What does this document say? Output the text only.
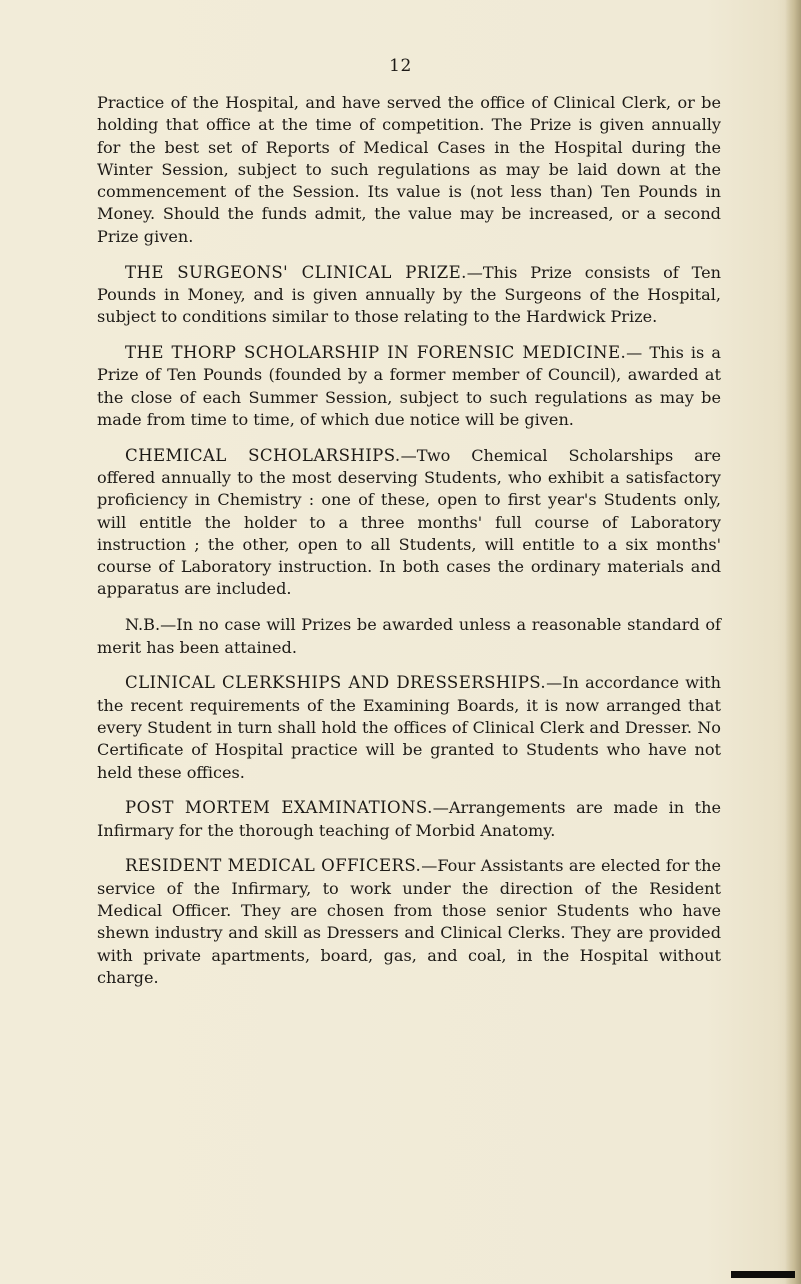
12

Practice of the Hospital, and have served the office of Clinical Clerk, or be holding that office at the time of competition. The Prize is given annually for the best set of Reports of Medical Cases in the Hospital during the Winter Session, subject to such regulations as may be laid down at the commencement of the Session. Its value is (not less than) Ten Pounds in Money. Should the funds admit, the value may be increased, or a second Prize given.

THE SURGEONS' CLINICAL PRIZE.—This Prize consists of Ten Pounds in Money, and is given annually by the Surgeons of the Hospital, subject to conditions similar to those relating to the Hardwick Prize.

THE THORP SCHOLARSHIP IN FORENSIC MEDICINE.— This is a Prize of Ten Pounds (founded by a former member of Council), awarded at the close of each Summer Session, subject to such regulations as may be made from time to time, of which due notice will be given.

CHEMICAL SCHOLARSHIPS.—Two Chemical Scholarships are offered annually to the most deserving Students, who exhibit a satisfactory proficiency in Chemistry : one of these, open to first year's Students only, will entitle the holder to a three months' full course of Laboratory instruction ; the other, open to all Students, will entitle to a six months' course of Laboratory instruction. In both cases the ordinary materials and apparatus are included.

N.B.—In no case will Prizes be awarded unless a reasonable standard of merit has been attained.

CLINICAL CLERKSHIPS AND DRESSERSHIPS.—In accordance with the recent requirements of the Examining Boards, it is now arranged that every Student in turn shall hold the offices of Clinical Clerk and Dresser. No Certificate of Hospital practice will be granted to Students who have not held these offices.

POST MORTEM EXAMINATIONS.—Arrangements are made in the Infirmary for the thorough teaching of Morbid Anatomy.

RESIDENT MEDICAL OFFICERS.—Four Assistants are elected for the service of the Infirmary, to work under the direction of the Resident Medical Officer. They are chosen from those senior Students who have shewn industry and skill as Dressers and Clinical Clerks. They are provided with private apartments, board, gas, and coal, in the Hospital without charge.
